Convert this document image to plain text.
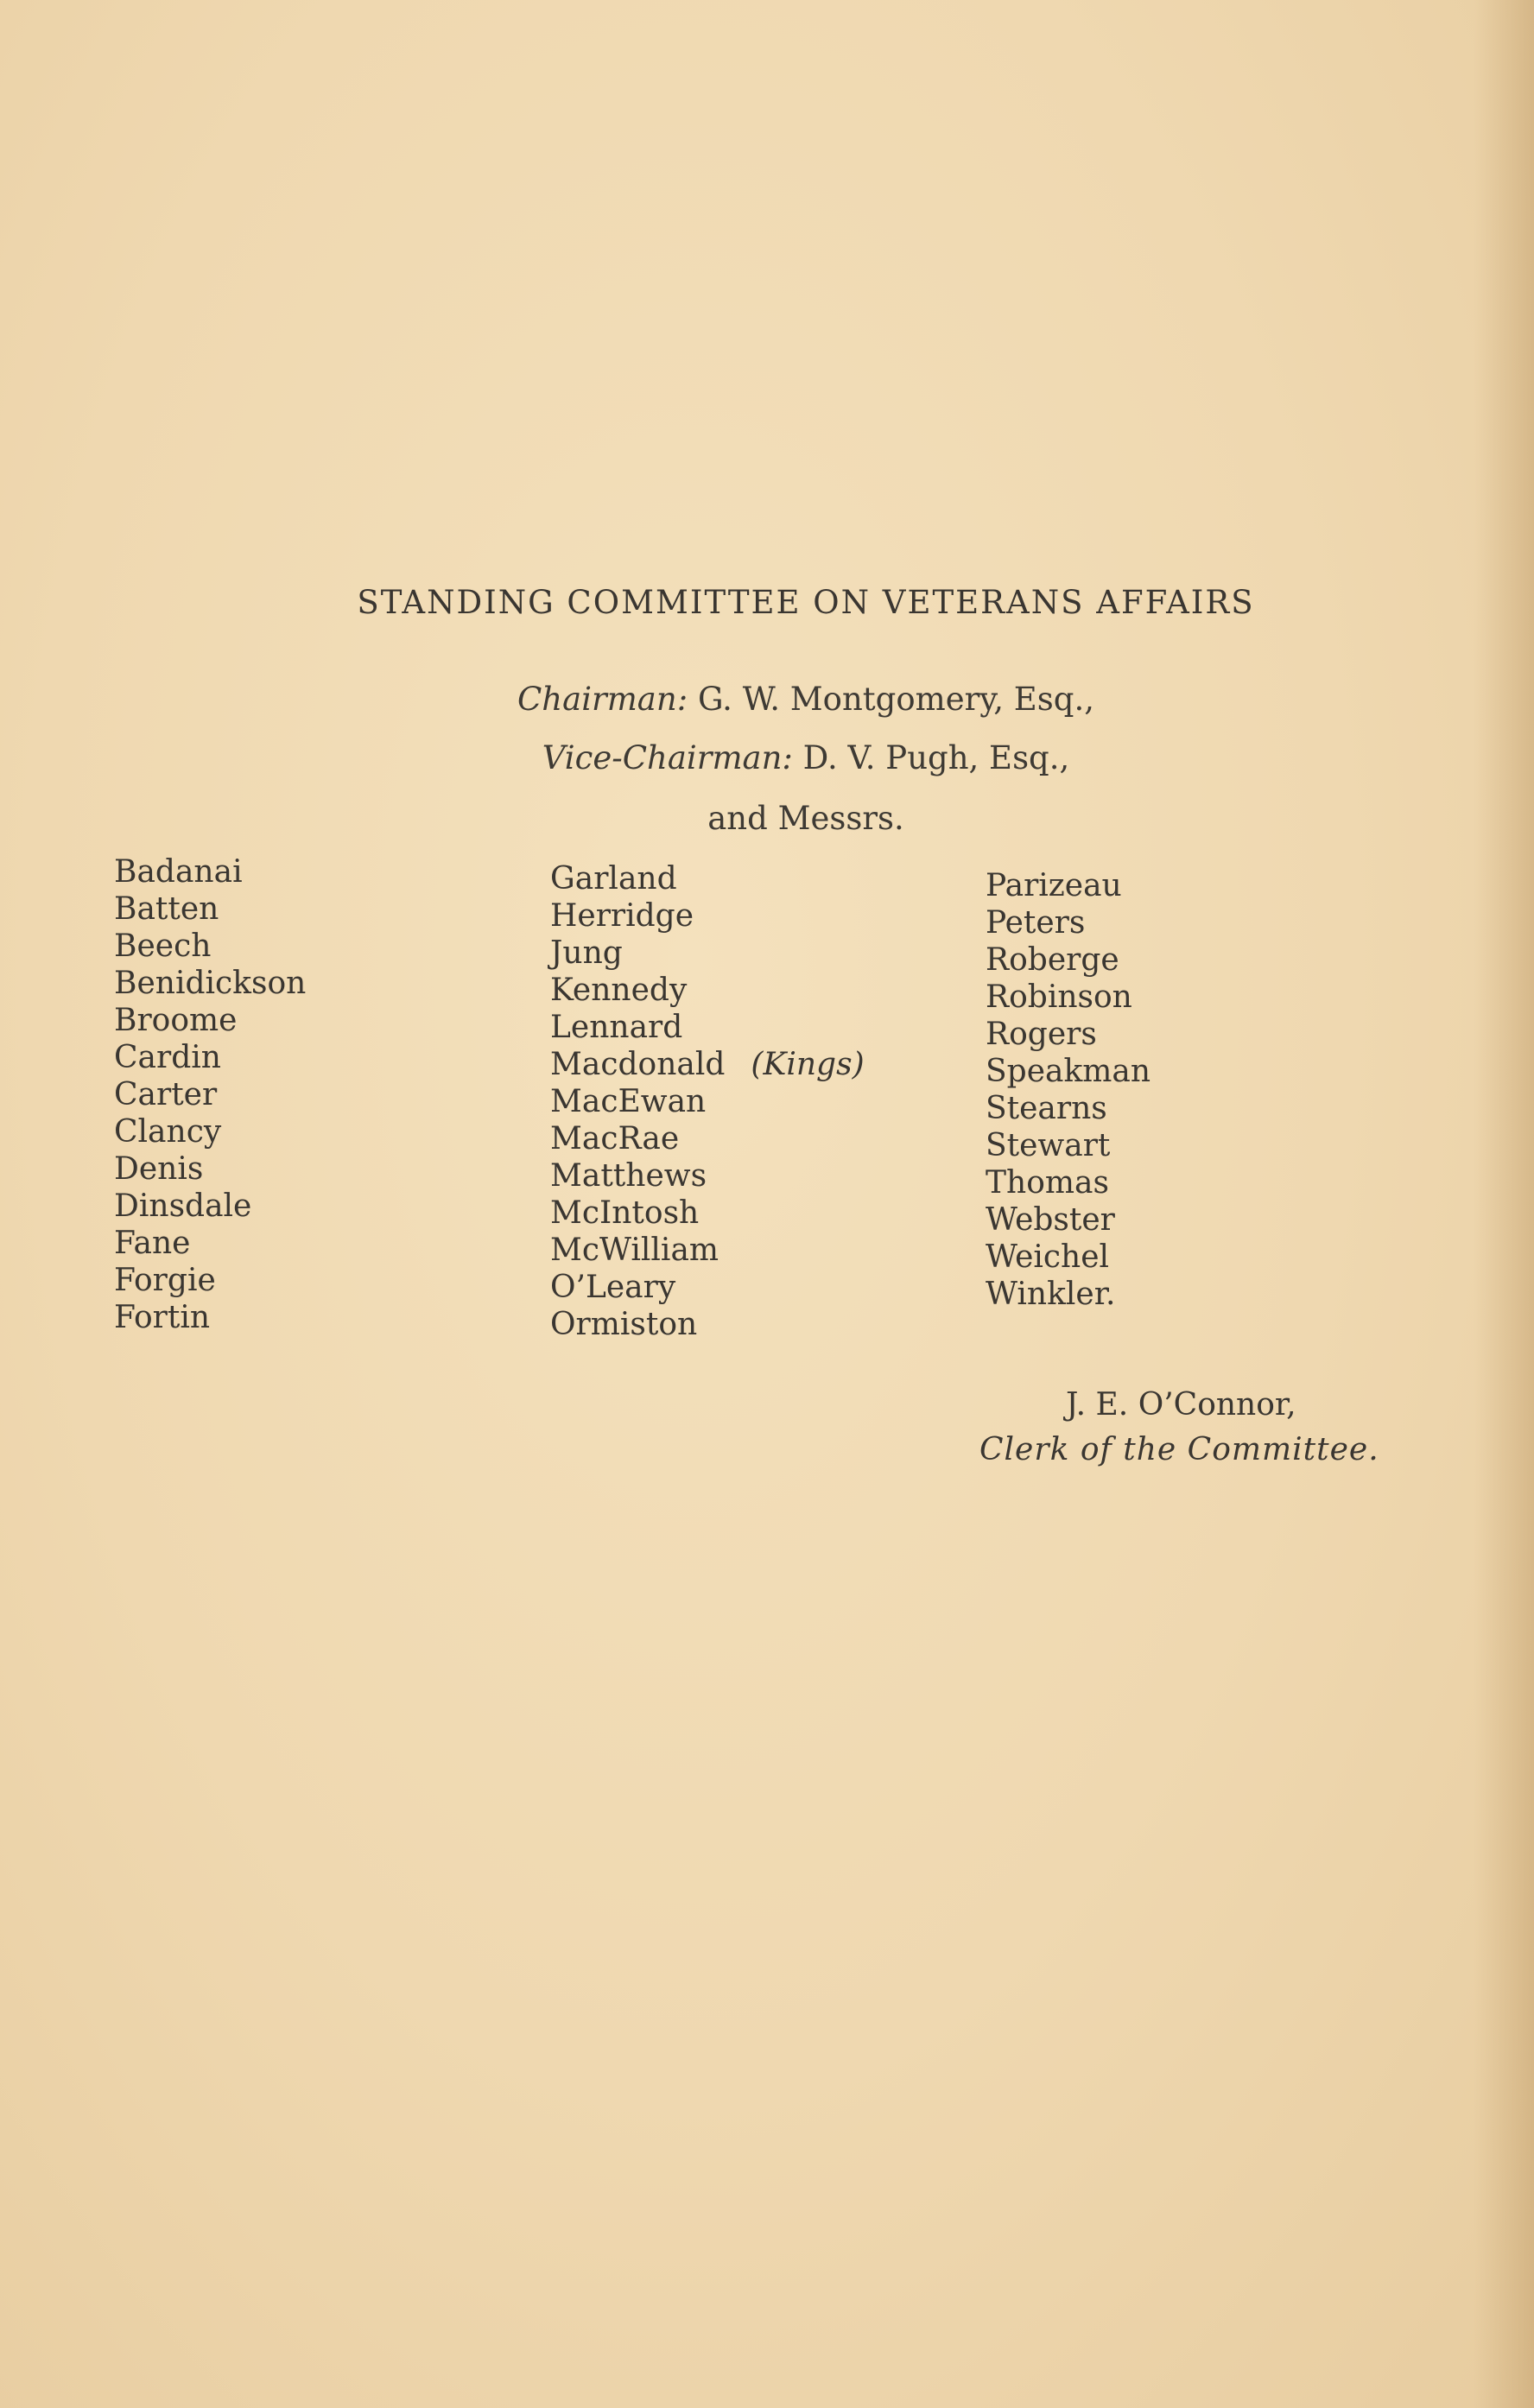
STANDING COMMITTEE ON VETERANS AFFAIRS
Chairman: G. W. Montgomery, Esq.,
Vice-Chairman: D. V. Pugh, Esq.,
and Messrs.
Badanai
Batten
Beech
Benidickson
Broome
Cardin
Carter
Clancy
Denis
Dinsdale
Fane
Forgie
Fortin
Garland
Herridge
Jung
Kennedy
Lennard
Macdonald (Kings)
MacEwan
MacRae
Matthews
McIntosh
McWilliam
O’Leary
Ormiston
Parizeau
Peters
Roberge
Robinson
Rogers
Speakman
Stearns
Stewart
Thomas
Webster
Weichel
Winkler.
J. E. O’Connor,
Clerk of the Committee.
